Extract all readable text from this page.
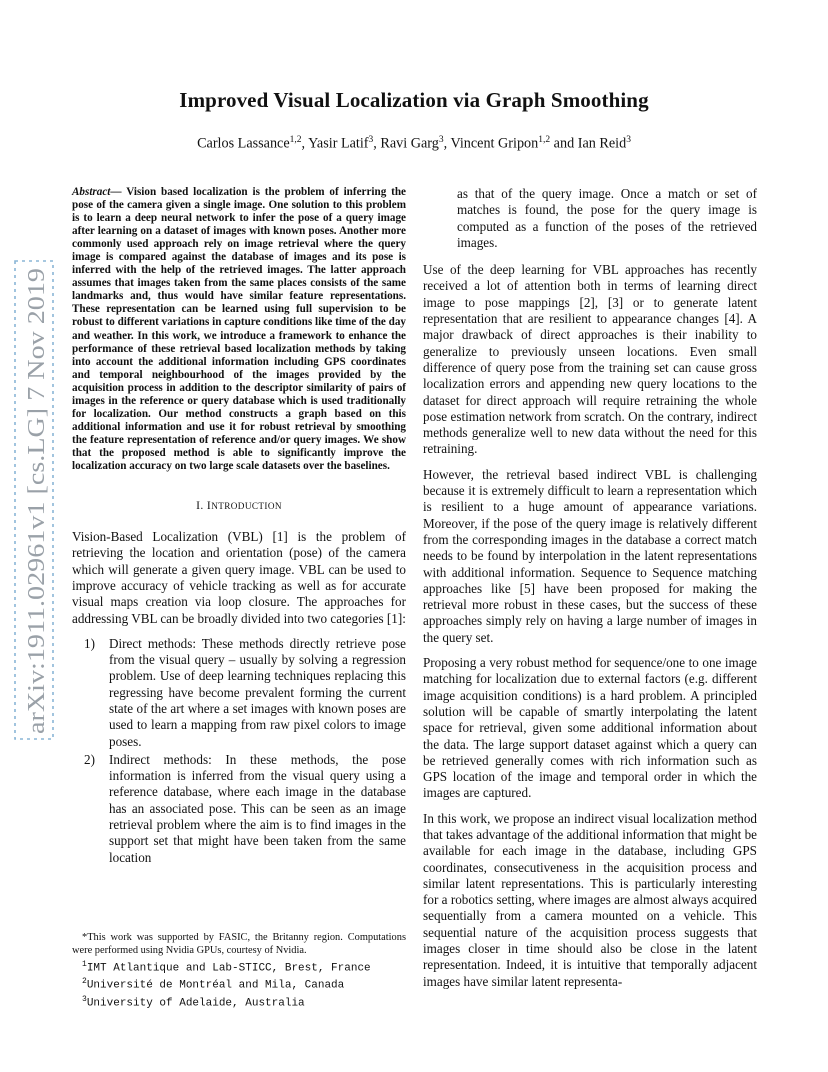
arXiv:1911.02961v1 [cs.LG] 7 Nov 2019
Improved Visual Localization via Graph Smoothing
Carlos Lassance$^{1,2}$, Yasir Latif$^3$, Ravi Garg$^3$, Vincent Gripon$^{1,2}$ and Ian Reid$^3$
Abstract— Vision based localization is the problem of inferring the pose of the camera given a single image. One solution to this problem is to learn a deep neural network to infer the pose of a query image after learning on a dataset of images with known poses. Another more commonly used approach rely on image retrieval where the query image is compared against the database of images and its pose is inferred with the help of the retrieved images. The latter approach assumes that images taken from the same places consists of the same landmarks and, thus would have similar feature representations. These representation can be learned using full supervision to be robust to different variations in capture conditions like time of the day and weather. In this work, we introduce a framework to enhance the performance of these retrieval based localization methods by taking into account the additional information including GPS coordinates and temporal neighbourhood of the images provided by the acquisition process in addition to the descriptor similarity of pairs of images in the reference or query database which is used traditionally for localization. Our method constructs a graph based on this additional information and use it for robust retrieval by smoothing the feature representation of reference and/or query images. We show that the proposed method is able to significantly improve the localization accuracy on two large scale datasets over the baselines.
I. INTRODUCTION

Vision-Based Localization (VBL) [1] is the problem of retrieving the location and orientation (pose) of the camera which will generate a given query image. VBL can be used to improve accuracy of vehicle tracking as well as for accurate visual maps creation via loop closure. The approaches for addressing VBL can be broadly divided into two categories [1]:

1) Direct methods: These methods directly retrieve pose from the visual query – usually by solving a regression problem. Use of deep learning techniques replacing this regressing have become prevalent forming the current state of the art where a set images with known poses are used to learn a mapping from raw pixel colors to image poses.
2) Indirect methods: In these methods, the pose information is inferred from the visual query using a reference database, where each image in the database has an associated pose. This can be seen as an image retrieval problem where the aim is to find images in the support set that might have been taken from the same location
*This work was supported by FASIC, the Britanny region. Computations were performed using Nvidia GPUs, courtesy of Nvidia.
$^1$IMT Atlantique and Lab-STICC, Brest, France
$^2$Université de Montréal and Mila, Canada
$^3$University of Adelaide, Australia
as that of the query image. Once a match or set of matches is found, the pose for the query image is computed as a function of the poses of the retrieved images.

Use of the deep learning for VBL approaches has recently received a lot of attention both in terms of learning direct image to pose mappings [2], [3] or to generate latent representation that are resilient to appearance changes [4]. A major drawback of direct approaches is their inability to generalize to previously unseen locations. Even small difference of query pose from the training set can cause gross localization errors and appending new query locations to the dataset for direct approach will require retraining the whole pose estimation network from scratch. On the contrary, indirect methods generalize well to new data without the need for this retraining.

However, the retrieval based indirect VBL is challenging because it is extremely difficult to learn a representation which is resilient to a huge amount of appearance variations. Moreover, if the pose of the query image is relatively different from the corresponding images in the database a correct match needs to be found by interpolation in the latent representations with additional information. Sequence to Sequence matching approaches like [5] have been proposed for making the retrieval more robust in these cases, but the success of these approaches simply rely on having a large number of images in the query set.

Proposing a very robust method for sequence/one to one image matching for localization due to external factors (e.g. different image acquisition conditions) is a hard problem. A principled solution will be capable of smartly interpolating the latent space for retrieval, given some additional information about the data. The large support dataset against which a query can be retrieved generally comes with rich information such as GPS location of the image and temporal order in which the images are captured.

In this work, we propose an indirect visual localization method that takes advantage of the additional information that might be available for each image in the database, including GPS coordinates, consecutiveness in the acquisition process and similar latent representations. This is particularly interesting for a robotics setting, where images are almost always acquired sequentially from a camera mounted on a vehicle. This sequential nature of the acquisition process suggests that images closer in time should also be close in the latent representation. Indeed, it is intuitive that temporally adjacent images have similar latent representa-
